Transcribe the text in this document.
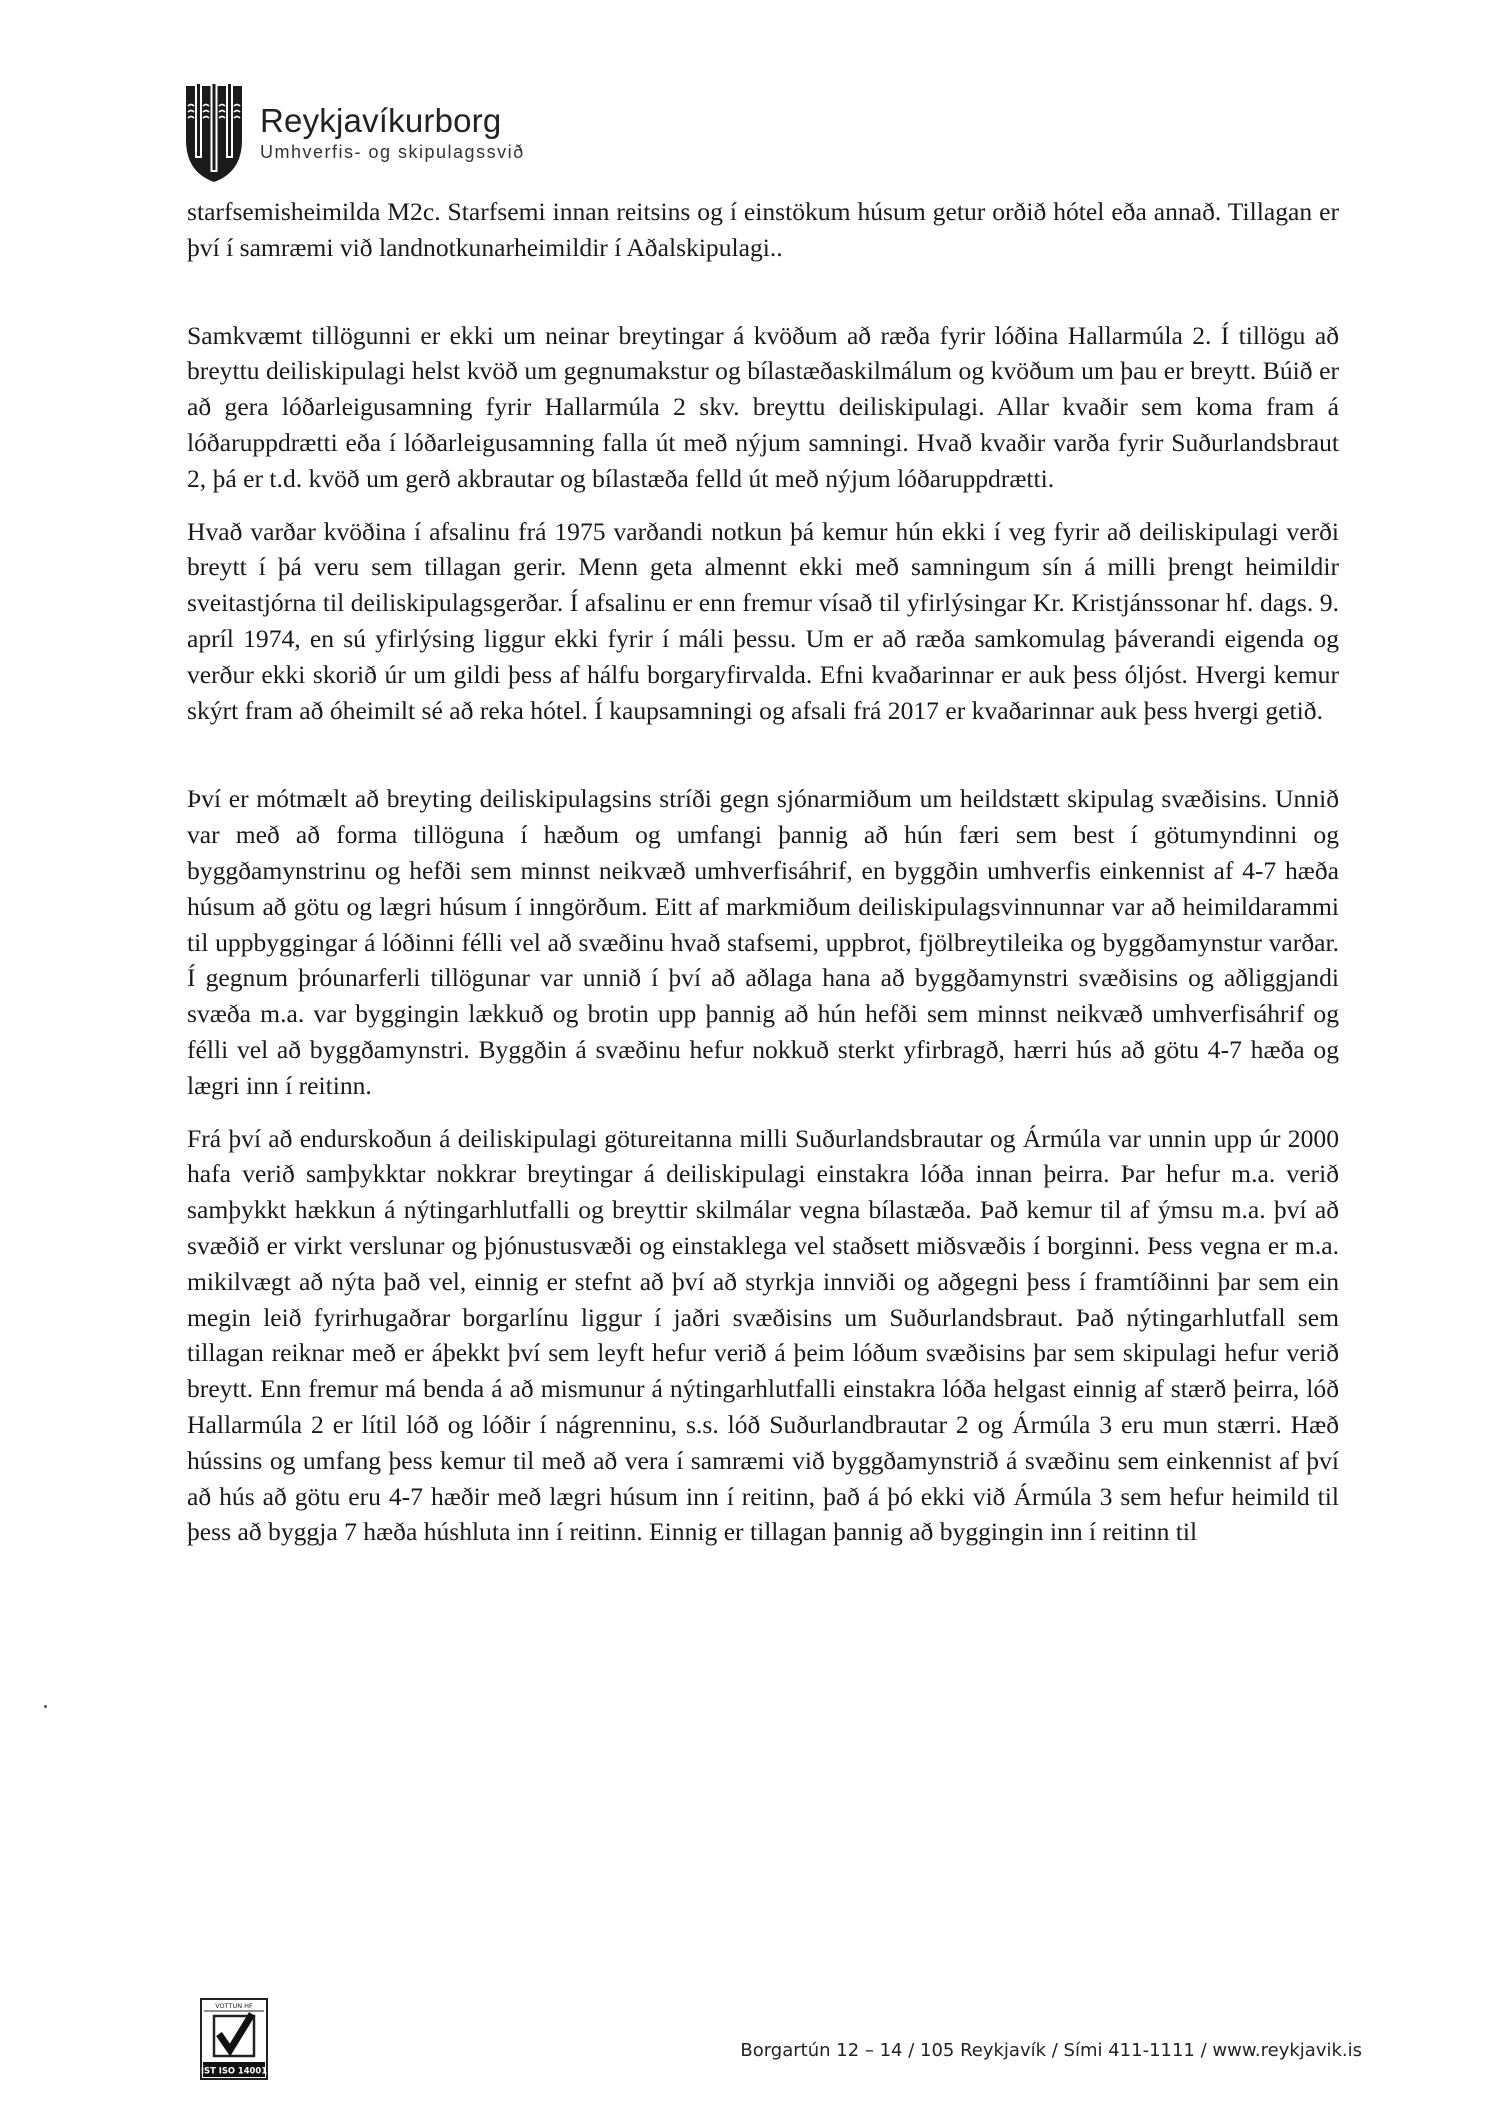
Reykjavíkurborg
Umhverfis- og skipulagssvið

starfsemisheimilda M2c. Starfsemi innan reitsins og í einstökum húsum getur orðið hótel eða annað. Tillagan er því í samræmi við landnotkunarheimildir í Aðalskipulagi..

Samkvæmt tillögunni er ekki um neinar breytingar á kvöðum að ræða fyrir lóðina Hallarmúla 2. Í tillögu að breyttu deiliskipulagi helst kvöð um gegnumakstur og bílastæðaskilmálum og kvöðum um þau er breytt. Búið er að gera lóðarleigusamning fyrir Hallarmúla 2 skv. breyttu deiliskipulagi. Allar kvaðir sem koma fram á lóðaruppdrætti eða í lóðarleigusamning falla út með nýjum samningi. Hvað kvaðir varða fyrir Suðurlandsbraut 2, þá er t.d. kvöð um gerð akbrautar og bílastæða felld út með nýjum lóðaruppdrætti.

Hvað varðar kvöðina í afsalinu frá 1975 varðandi notkun þá kemur hún ekki í veg fyrir að deiliskipulagi verði breytt í þá veru sem tillagan gerir. Menn geta almennt ekki með samningum sín á milli þrengt heimildir sveitastjórna til deiliskipulagsgerðar. Í afsalinu er enn fremur vísað til yfirlýsingar Kr. Kristjánssonar hf. dags. 9. apríl 1974, en sú yfirlýsing liggur ekki fyrir í máli þessu. Um er að ræða samkomulag þáverandi eigenda og verður ekki skorið úr um gildi þess af hálfu borgaryfirvalda. Efni kvaðarinnar er auk þess óljóst. Hvergi kemur skýrt fram að óheimilt sé að reka hótel. Í kaupsamningi og afsali frá 2017 er kvaðarinnar auk þess hvergi getið.

Því er mótmælt að breyting deiliskipulagsins stríði gegn sjónarmiðum um heildstætt skipulag svæðisins. Unnið var með að forma tillöguna í hæðum og umfangi þannig að hún færi sem best í götumyndinni og byggðamynstrinu og hefði sem minnst neikvæð umhverfisáhrif, en byggðin umhverfis einkennist af 4-7 hæða húsum að götu og lægri húsum í inngörðum. Eitt af markmiðum deiliskipulagsvinnunnar var að heimildarammi til uppbyggingar á lóðinni félli vel að svæðinu hvað stafsemi, uppbrot, fjölbreytileika og byggðamynstur varðar. Í gegnum þróunarferli tillögunar var unnið í því að aðlaga hana að byggðamynstri svæðisins og aðliggjandi svæða m.a. var byggingin lækkuð og brotin upp þannig að hún hefði sem minnst neikvæð umhverfisáhrif og félli vel að byggðamynstri. Byggðin á svæðinu hefur nokkuð sterkt yfirbragð, hærri hús að götu 4-7 hæða og lægri inn í reitinn.

Frá því að endurskoðun á deiliskipulagi götureitanna milli Suðurlandsbrautar og Ármúla var unnin upp úr 2000 hafa verið samþykktar nokkrar breytingar á deiliskipulagi einstakra lóða innan þeirra. Þar hefur m.a. verið samþykkt hækkun á nýtingarhlutfalli og breyttir skilmálar vegna bílastæða. Það kemur til af ýmsu m.a. því að svæðið er virkt verslunar og þjónustusvæði og einstaklega vel staðsett miðsvæðis í borginni. Þess vegna er m.a. mikilvægt að nýta það vel, einnig er stefnt að því að styrkja innviði og aðgegni þess í framtíðinni þar sem ein megin leið fyrirhugaðrar borgarlínu liggur í jaðri svæðisins um Suðurlandsbraut. Það nýtingarhlutfall sem tillagan reiknar með er áþekkt því sem leyft hefur verið á þeim lóðum svæðisins þar sem skipulagi hefur verið breytt. Enn fremur má benda á að mismunur á nýtingarhlutfalli einstakra lóða helgast einnig af stærð þeirra, lóð Hallarmúla 2 er lítil lóð og lóðir í nágrenninu, s.s. lóð Suðurlandbrautar 2 og Ármúla 3 eru mun stærri. Hæð hússins og umfang þess kemur til með að vera í samræmi við byggðamynstrið á svæðinu sem einkennist af því að hús að götu eru 4-7 hæðir með lægri húsum inn í reitinn, það á þó ekki við Ármúla 3 sem hefur heimild til þess að byggja 7 hæða húshluta inn í reitinn. Einnig er tillagan þannig að byggingin inn í reitinn til

VOTTUN HF
ÍST ISO 14001
Borgartún 12 – 14 / 105 Reykjavík / Sími 411-1111 / www.reykjavik.is
